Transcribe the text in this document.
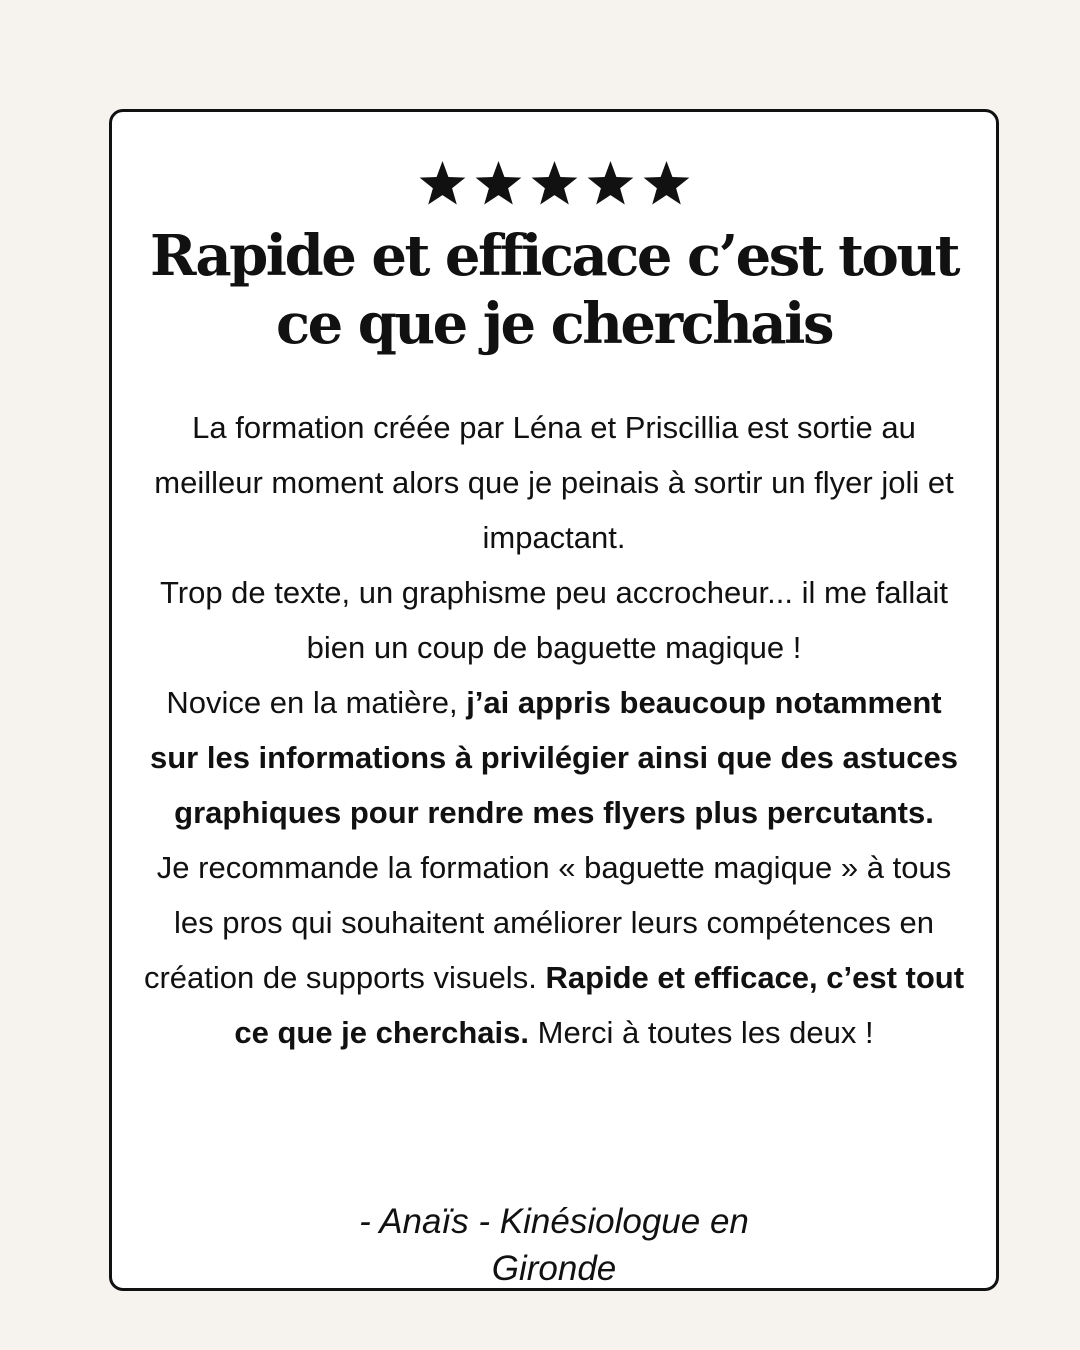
Rapide et efficace c’est tout ce que je cherchais

La formation créée par Léna et Priscillia est sortie au meilleur moment alors que je peinais à sortir un flyer joli et impactant.

Trop de texte, un graphisme peu accrocheur... il me fallait bien un coup de baguette magique !

Novice en la matière, j’ai appris beaucoup notamment sur les informations à privilégier ainsi que des astuces graphiques pour rendre mes flyers plus percutants.

Je recommande la formation « baguette magique » à tous les pros qui souhaitent améliorer leurs compétences en création de supports visuels. Rapide et efficace, c’est tout ce que je cherchais. Merci à toutes les deux !

- Anaïs - Kinésiologue en
Gironde
